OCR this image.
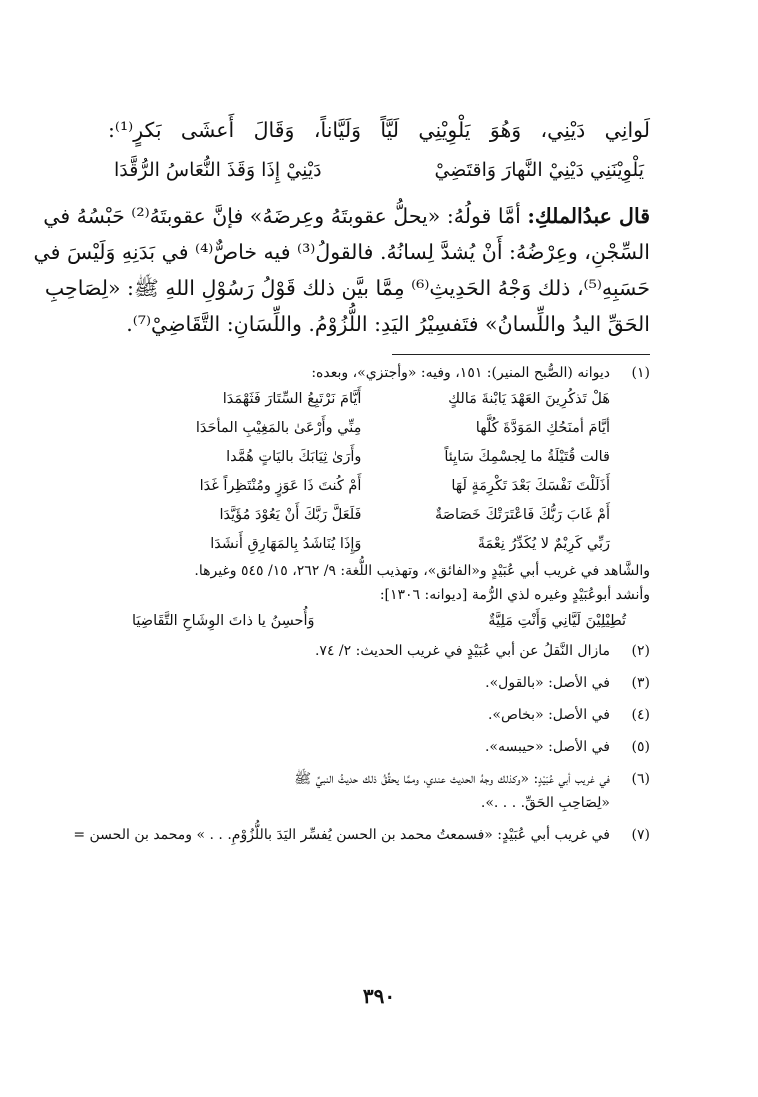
لَوانِي دَيْنِي، وَهُوَ يَلْوِيْنِي لَيَّاً وَلَيَّاناً، وَقَالَ أَعشَى بَكرٍ⁽¹⁾:
يَلْوِيْنَنِي دَيْنِيْ النَّهارَ وَاقتَضِيْ
دَيْنِيْ إِذَا وَقَذَ النُّعَاسُ الرُّقَّدَا
قال عبدُالملكِ: أمَّا قولُهُ: «يحلُّ عقوبتَهُ وعِرضَهُ» فإنَّ عقوبتَهُ⁽²⁾ حَبْسُهُ في
السِّجْنِ، وعِرْضُهُ: أَنْ يُشدَّ لِسانُهُ. فالقولُ⁽³⁾ فيه خاصٌّ⁽⁴⁾ في بَدَنِهِ وَلَيْسَ في
حَسَبِهِ⁽⁵⁾، ذلك وَجْهُ الحَدِيثِ⁽⁶⁾ مِمَّا بيَّن ذلك قَوْلُ رَسُوْلِ اللهِ ﷺ: «لِصَاحِبِ
الحَقِّ اليدُ واللِّسانُ» فتَفسِيْرُ اليَدِ: اللُّزُوْمُ. واللِّسَانِ: التَّقَاضِيْ⁽⁷⁾.
(١)
ديوانه (الصُّبح المنير): ١٥١، وفيه: «وأجتزي»، وبعده:
هَلْ تَذكُرِينَ العَهْدَ يَابْنةَ مَالكٍ
أَيَّامَ نَرْتَبِعُ السِّتَارَ فَثَهْمَدَا
أيَّامَ أمنَحُكِ المَوَدَّةَ كُلَّها
مِنِّي وأَرْعَىٰ بالمَغِيْبِ المأحَدَا
قالت قُتَيْلَةُ ما لِجسْمِكَ سَايِئاً
وأَرَىٰ ثِيَابَكَ باليَاتٍ هُمَّدا
أَذَلَلْتَ نَفْسَكَ بَعْدَ تَكْرِمَةٍ لَهَا
أَمْ كُنتَ ذَا عَوَزٍ ومُنْتَظِراً غَدَا
أَمْ غَابَ رَبُّكَ فَاعْتَرَتْكَ خَصَاصَةٌ
فَلَعَلَّ رَبَّكَ أَنْ يَعُوْدَ مُؤَيَّدَا
رَبِّي كَرِيْمٌ لا يُكَدِّرُ نِعْمَةً
وَإِذَا يُنَاشَدُ بِالمَهَارِقِ أَنشَدَا
والشَّاهد في غريب أبي عُبَيْدٍ و«الفائق»، وتهذيب اللُّغة: ٩/ ٢٦٢، ١٥/ ٥٤٥ وغيرها.
وأنشد أبوعُبَيْدٍ وغيره لذي الرُّمة [ديوانه: ١٣٠٦]:
تُطِيْلِيْنَ لَيَّانِي وَأَنْتِ مَلِيَّةٌ
وَأُحسِنُ يا ذاتَ الوِشَاحِ التَّقَاضِيَا
(٢)
مازال النَّقلُ عن أبي عُبَيْدٍ في غريب الحديث: ٢/ ٧٤.
(٣)
في الأصل: «بالقول».
(٤)
في الأصل: «بخاص».
(٥)
في الأصل: «حيبسه».
(٦)
في غريب أبي عُبَيْدٍ: «وكذلك وجهُ الحديث عندي، وممَّا يحقِّقُ ذلك حديثُ النبيِّ ﷺ
«لِصَاحِبِ الحَقِّ. . . .».
(٧)
في غريب أبي عُبَيْدٍ: «فسمعتُ محمد بن الحسن يُفسِّر اليَدَ باللُّزُوْمِ. . . » ومحمد بن الحسن =
٣٩٠
